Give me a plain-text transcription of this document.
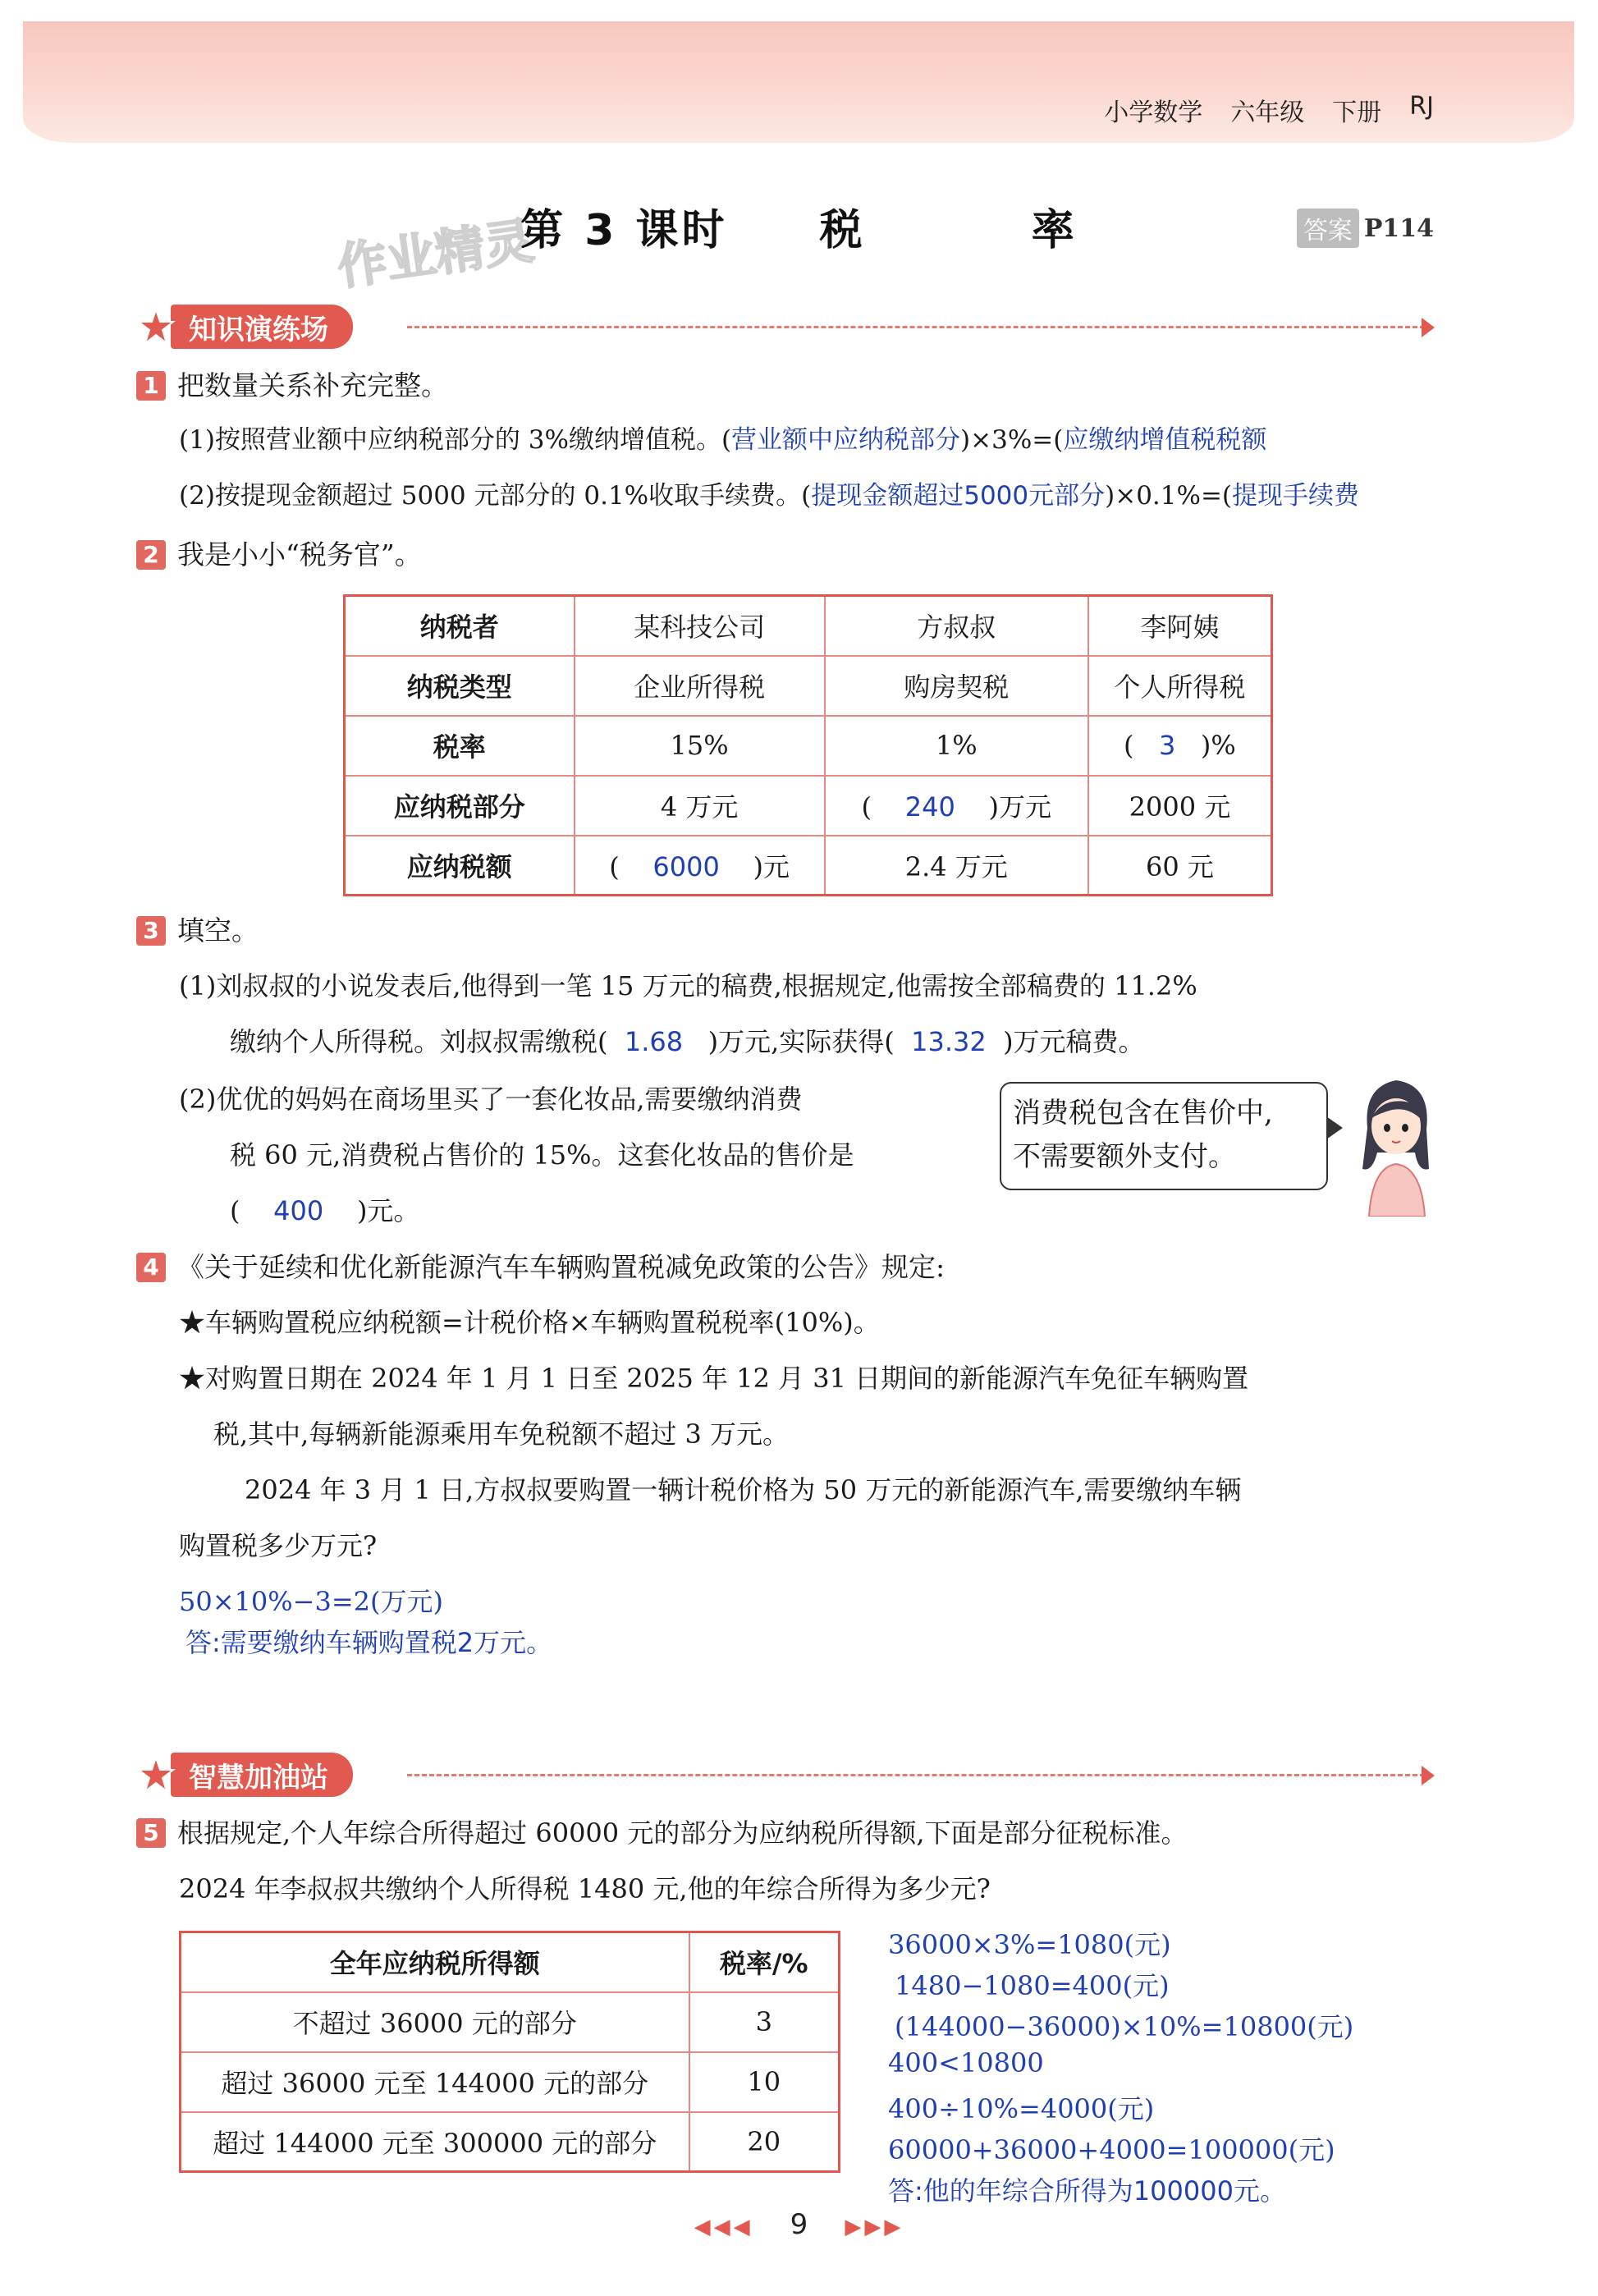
小学数学 六年级 下册 RJ
作业精灵
第 3 课时 税	率	答案 P114
知识演练场
1 把数量关系补充完整。
(1)按照营业额中应纳税部分的 3%缴纳增值税。(营业额中应纳税部分)×3%=(应缴纳增值税税额
(2)按提现金额超过 5000 元部分的 0.1%收取手续费。(提现金额超过5000元部分)×0.1%=(提现手续费
2 我是小小“税务官”。
纳税者	某科技公司	方叔叔	李阿姨
纳税类型	企业所得税	购房契税	个人所得税
税率	15%	1%	( 3 )%
应纳税部分	4 万元	( 240 )万元	2000 元
应纳税额	( 6000 )元	2.4 万元	60 元
3 填空。
(1)刘叔叔的小说发表后,他得到一笔 15 万元的稿费,根据规定,他需按全部稿费的 11.2%
缴纳个人所得税。刘叔叔需缴税( 1.68 )万元,实际获得( 13.32 )万元稿费。
(2)优优的妈妈在商场里买了一套化妆品,需要缴纳消费
税 60 元,消费税占售价的 15%。这套化妆品的售价是
( 400 )元。
消费税包含在售价中,
不需要额外支付。
4 《关于延续和优化新能源汽车车辆购置税减免政策的公告》规定:
★车辆购置税应纳税额=计税价格×车辆购置税税率(10%)。
★对购置日期在 2024 年 1 月 1 日至 2025 年 12 月 31 日期间的新能源汽车免征车辆购置
税,其中,每辆新能源乘用车免税额不超过 3 万元。
2024 年 3 月 1 日,方叔叔要购置一辆计税价格为 50 万元的新能源汽车,需要缴纳车辆
购置税多少万元?
50×10%−3=2(万元)
答:需要缴纳车辆购置税2万元。
智慧加油站
5 根据规定,个人年综合所得超过 60000 元的部分为应纳税所得额,下面是部分征税标准。
2024 年李叔叔共缴纳个人所得税 1480 元,他的年综合所得为多少元?
全年应纳税所得额	税率/%
不超过 36000 元的部分	3
超过 36000 元至 144000 元的部分	10
超过 144000 元至 300000 元的部分	20
36000×3%=1080(元)
1480−1080=400(元)
(144000−36000)×10%=10800(元)
400<10800
400÷10%=4000(元)
60000+36000+4000=100000(元)
答:他的年综合所得为100000元。
◀◀◀ 9 ▶▶▶
